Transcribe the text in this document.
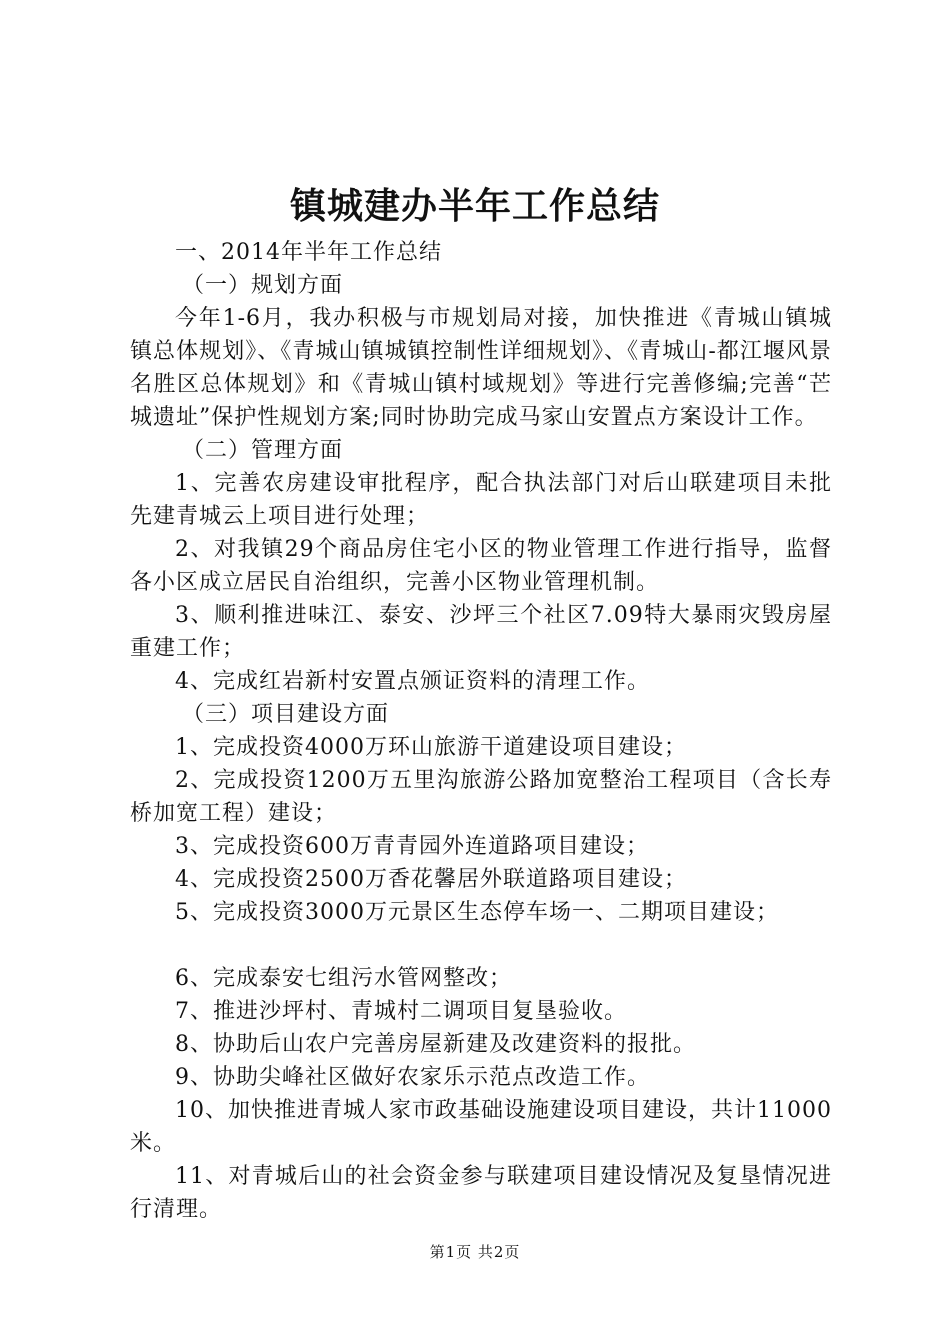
镇城建办半年工作总结

一、2014年半年工作总结

（一）规划方面

今年1-6月，我办积极与市规划局对接，加快推进《青城山镇城镇总体规划》、《青城山镇城镇控制性详细规划》、《青城山-都江堰风景名胜区总体规划》和《青城山镇村域规划》等进行完善修编;完善“芒城遗址”保护性规划方案;同时协助完成马家山安置点方案设计工作。

（二）管理方面

1、完善农房建设审批程序，配合执法部门对后山联建项目未批先建青城云上项目进行处理；

2、对我镇29个商品房住宅小区的物业管理工作进行指导，监督各小区成立居民自治组织，完善小区物业管理机制。

3、顺利推进味江、泰安、沙坪三个社区7.09特大暴雨灾毁房屋重建工作；

4、完成红岩新村安置点颁证资料的清理工作。

（三）项目建设方面

1、完成投资4000万环山旅游干道建设项目建设；

2、完成投资1200万五里沟旅游公路加宽整治工程项目（含长寿桥加宽工程）建设；

3、完成投资600万青青园外连道路项目建设；

4、完成投资2500万香花馨居外联道路项目建设；

5、完成投资3000万元景区生态停车场一、二期项目建设；

6、完成泰安七组污水管网整改；

7、推进沙坪村、青城村二调项目复垦验收。

8、协助后山农户完善房屋新建及改建资料的报批。

9、协助尖峰社区做好农家乐示范点改造工作。

10、加快推进青城人家市政基础设施建设项目建设，共计11000米。

11、对青城后山的社会资金参与联建项目建设情况及复垦情况进行清理。

第1页 共2页
